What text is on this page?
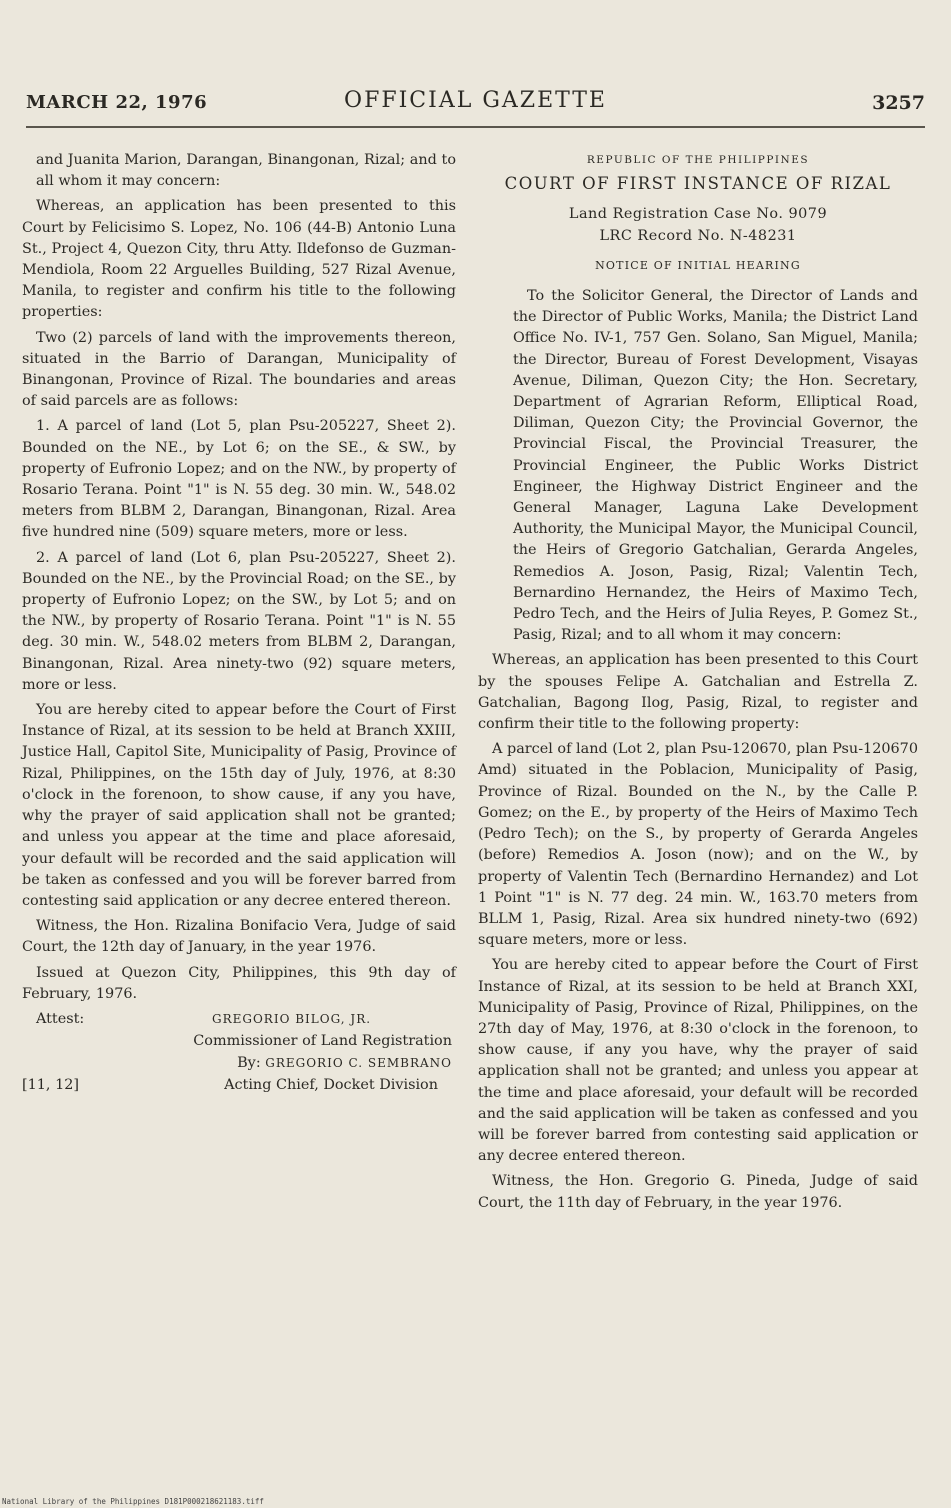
MARCH 22, 1976	OFFICIAL GAZETTE	3257

and Juanita Marion, Darangan, Binangonan, Rizal; and to all whom it may concern:

Whereas, an application has been presented to this Court by Felicisimo S. Lopez, No. 106 (44-B) Antonio Luna St., Project 4, Quezon City, thru Atty. Ildefonso de Guzman-Mendiola, Room 22 Arguelles Building, 527 Rizal Avenue, Manila, to register and confirm his title to the following properties:

Two (2) parcels of land with the improvements thereon, situated in the Barrio of Darangan, Municipality of Binangonan, Province of Rizal. The boundaries and areas of said parcels are as follows:

1. A parcel of land (Lot 5, plan Psu-205227, Sheet 2). Bounded on the NE., by Lot 6; on the SE., & SW., by property of Eufronio Lopez; and on the NW., by property of Rosario Terana. Point "1" is N. 55 deg. 30 min. W., 548.02 meters from BLBM 2, Darangan, Binangonan, Rizal. Area five hundred nine (509) square meters, more or less.

2. A parcel of land (Lot 6, plan Psu-205227, Sheet 2). Bounded on the NE., by the Provincial Road; on the SE., by property of Eufronio Lopez; on the SW., by Lot 5; and on the NW., by property of Rosario Terana. Point "1" is N. 55 deg. 30 min. W., 548.02 meters from BLBM 2, Darangan, Binangonan, Rizal. Area ninety-two (92) square meters, more or less.

You are hereby cited to appear before the Court of First Instance of Rizal, at its session to be held at Branch XXIII, Justice Hall, Capitol Site, Municipality of Pasig, Province of Rizal, Philippines, on the 15th day of July, 1976, at 8:30 o'clock in the forenoon, to show cause, if any you have, why the prayer of said application shall not be granted; and unless you appear at the time and place aforesaid, your default will be recorded and the said application will be taken as confessed and you will be forever barred from contesting said application or any decree entered thereon.

Witness, the Hon. Rizalina Bonifacio Vera, Judge of said Court, the 12th day of January, in the year 1976.

Issued at Quezon City, Philippines, this 9th day of February, 1976.

Attest:	GREGORIO BILOG, JR.
Commissioner of Land Registration
By: GREGORIO C. SEMBRANO
[11, 12]	Acting Chief, Docket Division
REPUBLIC OF THE PHILIPPINES
COURT OF FIRST INSTANCE OF RIZAL
Land Registration Case No. 9079
LRC Record No. N-48231
NOTICE OF INITIAL HEARING

To the Solicitor General, the Director of Lands and the Director of Public Works, Manila; the District Land Office No. IV-1, 757 Gen. Solano, San Miguel, Manila; the Director, Bureau of Forest Development, Visayas Avenue, Diliman, Quezon City; the Hon. Secretary, Department of Agrarian Reform, Elliptical Road, Diliman, Quezon City; the Provincial Governor, the Provincial Fiscal, the Provincial Treasurer, the Provincial Engineer, the Public Works District Engineer, the Highway District Engineer and the General Manager, Laguna Lake Development Authority, the Municipal Mayor, the Municipal Council, the Heirs of Gregorio Gatchalian, Gerarda Angeles, Remedios A. Joson, Pasig, Rizal; Valentin Tech, Bernardino Hernandez, the Heirs of Maximo Tech, Pedro Tech, and the Heirs of Julia Reyes, P. Gomez St., Pasig, Rizal; and to all whom it may concern:

Whereas, an application has been presented to this Court by the spouses Felipe A. Gatchalian and Estrella Z. Gatchalian, Bagong Ilog, Pasig, Rizal, to register and confirm their title to the following property:

A parcel of land (Lot 2, plan Psu-120670, plan Psu-120670 Amd) situated in the Poblacion, Municipality of Pasig, Province of Rizal. Bounded on the N., by the Calle P. Gomez; on the E., by property of the Heirs of Maximo Tech (Pedro Tech); on the S., by property of Gerarda Angeles (before) Remedios A. Joson (now); and on the W., by property of Valentin Tech (Bernardino Hernandez) and Lot 1 Point "1" is N. 77 deg. 24 min. W., 163.70 meters from BLLM 1, Pasig, Rizal. Area six hundred ninety-two (692) square meters, more or less.

You are hereby cited to appear before the Court of First Instance of Rizal, at its session to be held at Branch XXI, Municipality of Pasig, Province of Rizal, Philippines, on the 27th day of May, 1976, at 8:30 o'clock in the forenoon, to show cause, if any you have, why the prayer of said application shall not be granted; and unless you appear at the time and place aforesaid, your default will be recorded and the said application will be taken as confessed and you will be forever barred from contesting said application or any decree entered thereon.

Witness, the Hon. Gregorio G. Pineda, Judge of said Court, the 11th day of February, in the year 1976.

National Library of the Philippines D181P000218621183.tiff
